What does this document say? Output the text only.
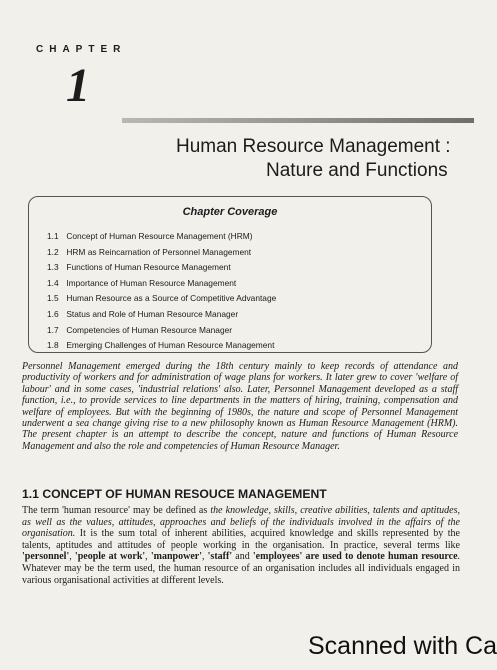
CHAPTER
1
Human Resource Management :
Nature and Functions
Chapter Coverage
1.1 Concept of Human Resource Management (HRM)
1.2 HRM as Reincarnation of Personnel Management
1.3 Functions of Human Resource Management
1.4 Importance of Human Resource Management
1.5 Human Resource as a Source of Competitive Advantage
1.6 Status and Role of Human Resource Manager
1.7 Competencies of Human Resource Manager
1.8 Emerging Challenges of Human Resource Management

Personnel Management emerged during the 18th century mainly to keep records of attendance and productivity of workers and for administration of wage plans for workers. It later grew to cover 'welfare of labour' and in some cases, 'industrial relations' also. Later, Personnel Management developed as a staff function, i.e., to provide services to line departments in the matters of hiring, training, compensation and welfare of employees. But with the beginning of 1980s, the nature and scope of Personnel Management underwent a sea change giving rise to a new philosophy known as Human Resource Management (HRM). The present chapter is an attempt to describe the concept, nature and functions of Human Resource Management and also the role and competencies of Human Resource Manager.

1.1 CONCEPT OF HUMAN RESOUCE MANAGEMENT

The term 'human resource' may be defined as the knowledge, skills, creative abilities, talents and aptitudes, as well as the values, attitudes, approaches and beliefs of the individuals involved in the affairs of the organisation. It is the sum total of inherent abilities, acquired knowledge and skills represented by the talents, aptitudes and attitudes of people working in the organisation. In practice, several terms like 'personnel', 'people at work', 'manpower', 'staff' and 'employees' are used to denote human resource. Whatever may be the term used, the human resource of an organisation includes all individuals engaged in various organisational activities at different levels.

Scanned with Ca
